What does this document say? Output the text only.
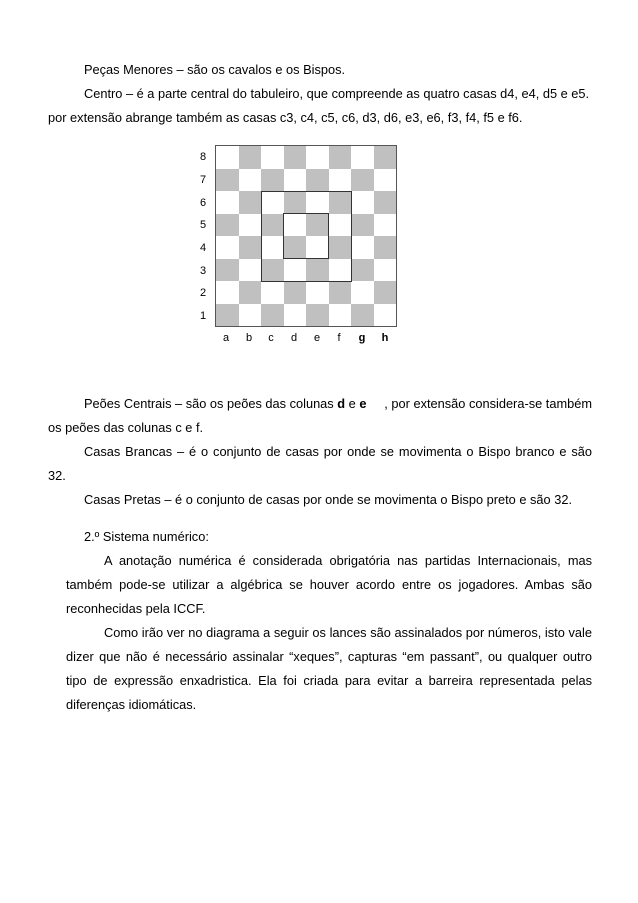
Peças Menores – são os cavalos e os Bispos.
Centro – é a parte central do tabuleiro, que compreende as quatro casas d4, e4, d5 e e5.
por extensão abrange também as casas c3, c4, c5, c6, d3, d6, e3, e6, f3, f4, f5 e f6.
8
7
6
5
4
3
2
1
a	b	c	d	e	f	g	h
Peões Centrais – são os peões das colunas d e e , por extensão considera-se também
os peões das colunas c e f.
Casas Brancas – é o conjunto de casas por onde se movimenta o Bispo branco e são
32.
Casas Pretas – é o conjunto de casas por onde se movimenta o Bispo preto e são 32.
2.º Sistema numérico:
A anotação numérica é considerada obrigatória nas partidas Internacionais, mas
também pode-se utilizar a algébrica se houver acordo entre os jogadores. Ambas são
reconhecidas pela ICCF.
Como irão ver no diagrama a seguir os lances são assinalados por números, isto vale
dizer que não é necessário assinalar “xeques”, capturas “em passant”, ou qualquer outro
tipo de expressão enxadristica. Ela foi criada para evitar a barreira representada pelas
diferenças idiomáticas.
